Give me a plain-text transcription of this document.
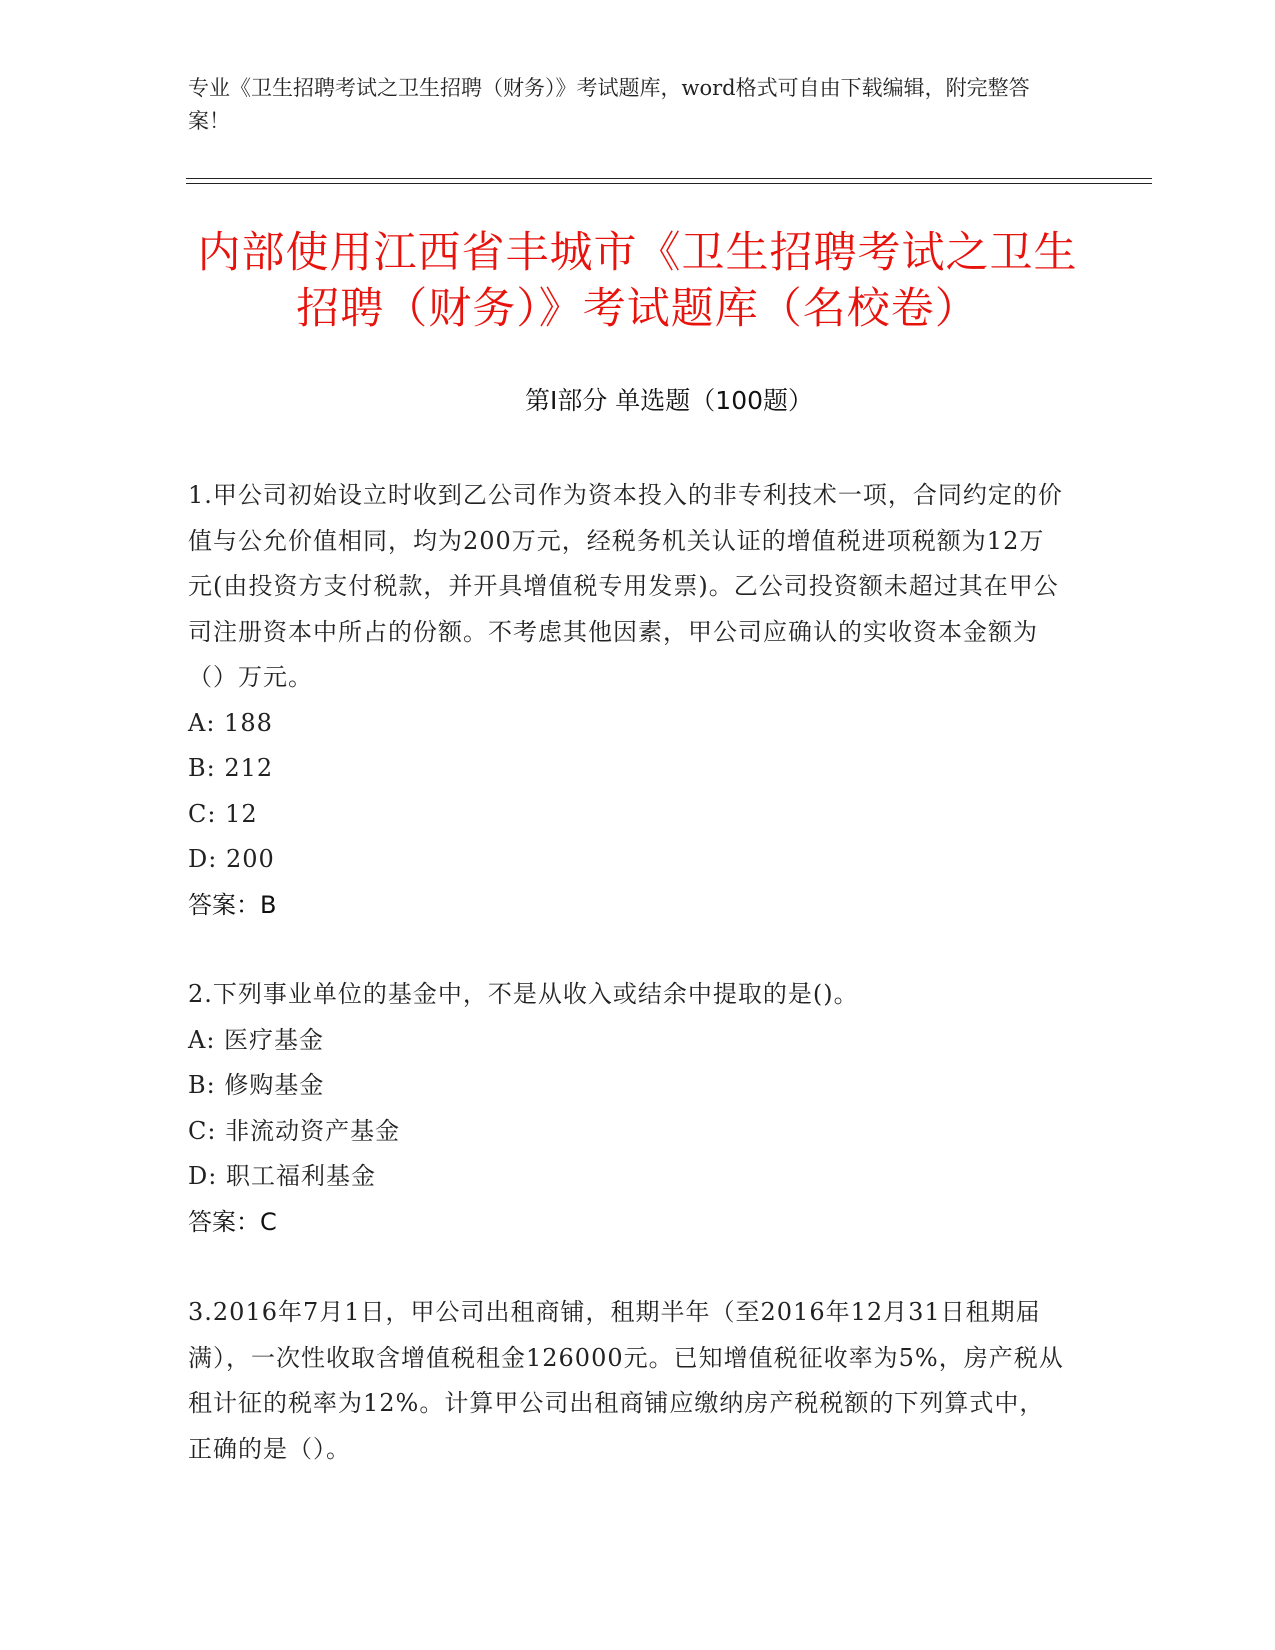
专业《卫生招聘考试之卫生招聘（财务）》考试题库，word格式可自由下载编辑，附完整答案！
内部使用江西省丰城市《卫生招聘考试之卫生招聘（财务）》考试题库（名校卷）
第Ⅰ部分 单选题（100题）
1.甲公司初始设立时收到乙公司作为资本投入的非专利技术一项，合同约定的价值与公允价值相同，均为200万元，经税务机关认证的增值税进项税额为12万元(由投资方支付税款，并开具增值税专用发票)。乙公司投资额未超过其在甲公司注册资本中所占的份额。不考虑其他因素，甲公司应确认的实收资本金额为（）万元。
A: 188
B: 212
C: 12
D: 200
答案：B
2.下列事业单位的基金中，不是从收入或结余中提取的是()。
A: 医疗基金
B: 修购基金
C: 非流动资产基金
D: 职工福利基金
答案：C
3.2016年7月1日，甲公司出租商铺，租期半年（至2016年12月31日租期届满），一次性收取含增值税租金126000元。已知增值税征收率为5%，房产税从租计征的税率为12%。计算甲公司出租商铺应缴纳房产税税额的下列算式中，正确的是（）。
